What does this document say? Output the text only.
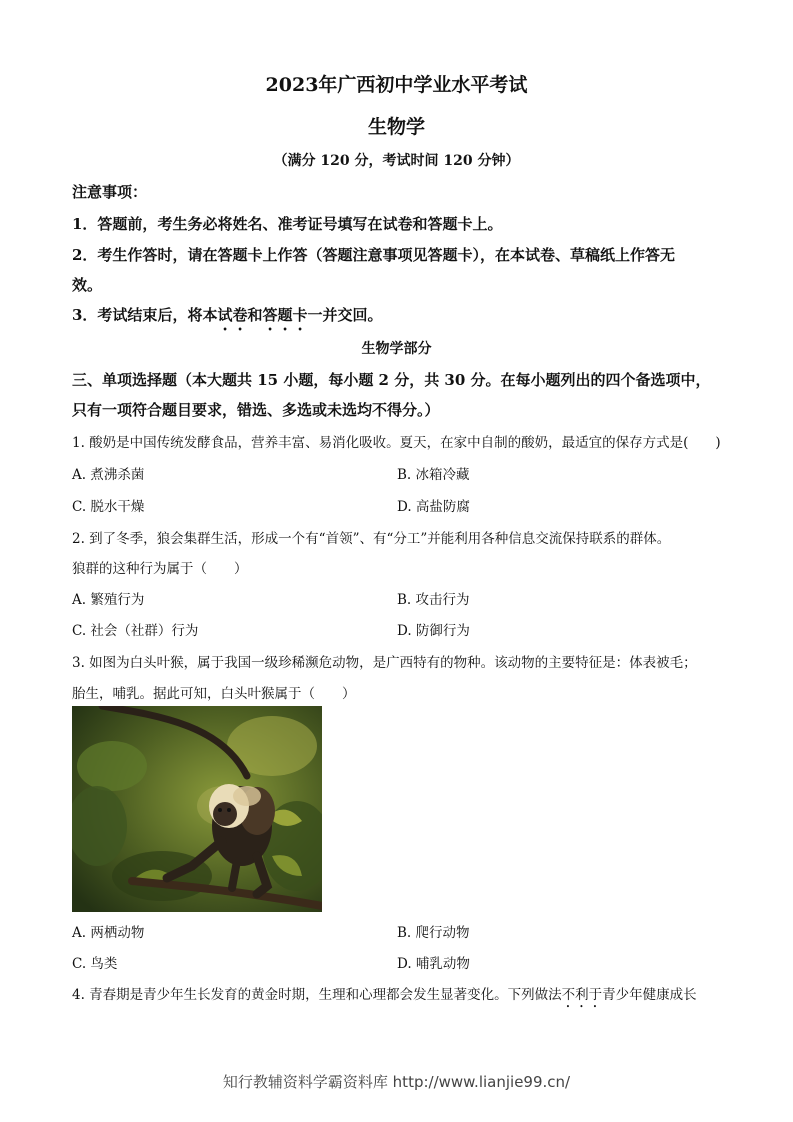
2023年广西初中学业水平考试
生物学
（满分 120 分，考试时间 120 分钟）
注意事项：
1．答题前，考生务必将姓名、准考证号填写在试卷和答题卡上。
2．考生作答时，请在答题卡上作答（答题注意事项见答题卡），在本试卷、草稿纸上作答无
效。
3．考试结束后，将本试卷和答题卡一并交回。
生物学部分
三、单项选择题（本大题共 15 小题，每小题 2 分，共 30 分。在每小题列出的四个备选项中，
只有一项符合题目要求，错选、多选或未选均不得分。）
1. 酸奶是中国传统发酵食品，营养丰富、易消化吸收。夏天，在家中自制的酸奶，最适宜的保存方式是(　　)
A. 煮沸杀菌	B. 冰箱冷藏
C. 脱水干燥	D. 高盐防腐
2. 到了冬季，狼会集群生活，形成一个有“首领”、有“分工”并能利用各种信息交流保持联系的群体。
狼群的这种行为属于（　　）
A. 繁殖行为	B. 攻击行为
C. 社会（社群）行为	D. 防御行为
3. 如图为白头叶猴，属于我国一级珍稀濒危动物，是广西特有的物种。该动物的主要特征是：体表被毛；
胎生，哺乳。据此可知，白头叶猴属于（　　）
A. 两栖动物	B. 爬行动物
C. 鸟类	D. 哺乳动物
4. 青春期是青少年生长发育的黄金时期，生理和心理都会发生显著变化。下列做法不利于青少年健康成长
知行教辅资料学霸资料库 http://www.lianjie99.cn/
